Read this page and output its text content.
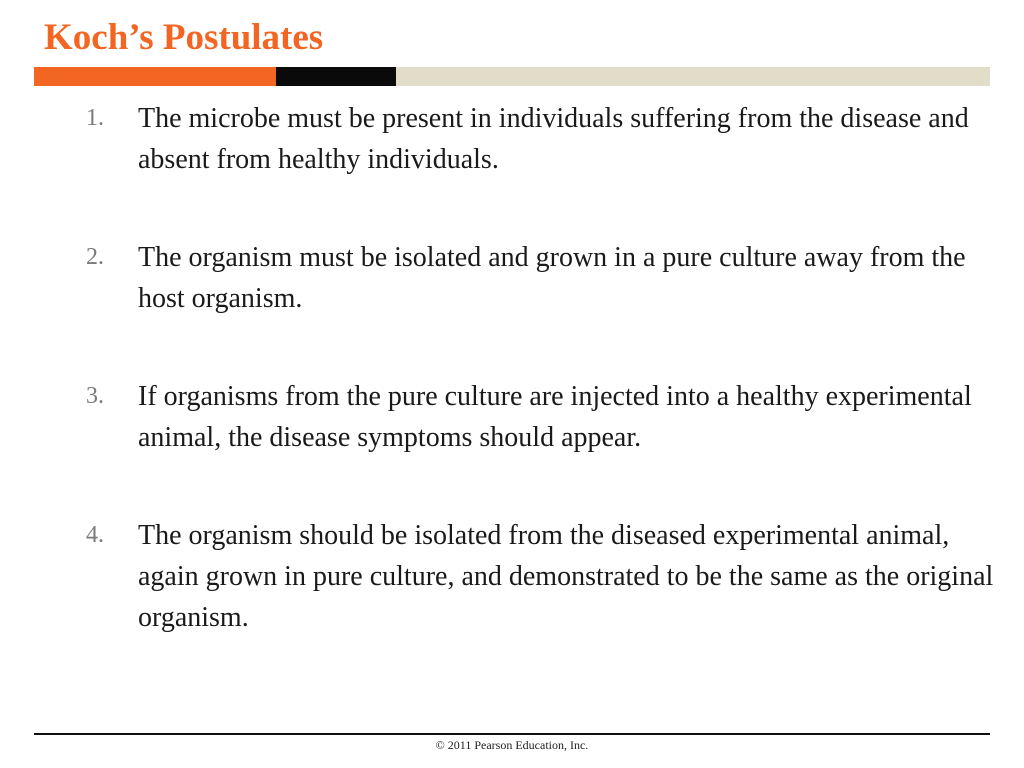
Koch’s Postulates
1. The microbe must be present in individuals suffering from the disease and absent from healthy individuals.
2. The organism must be isolated and grown in a pure culture away from the host organism.
3. If organisms from the pure culture are injected into a healthy experimental animal, the disease symptoms should appear.
4. The organism should be isolated from the diseased experimental animal, again grown in pure culture, and demonstrated to be the same as the original organism.
© 2011 Pearson Education, Inc.
